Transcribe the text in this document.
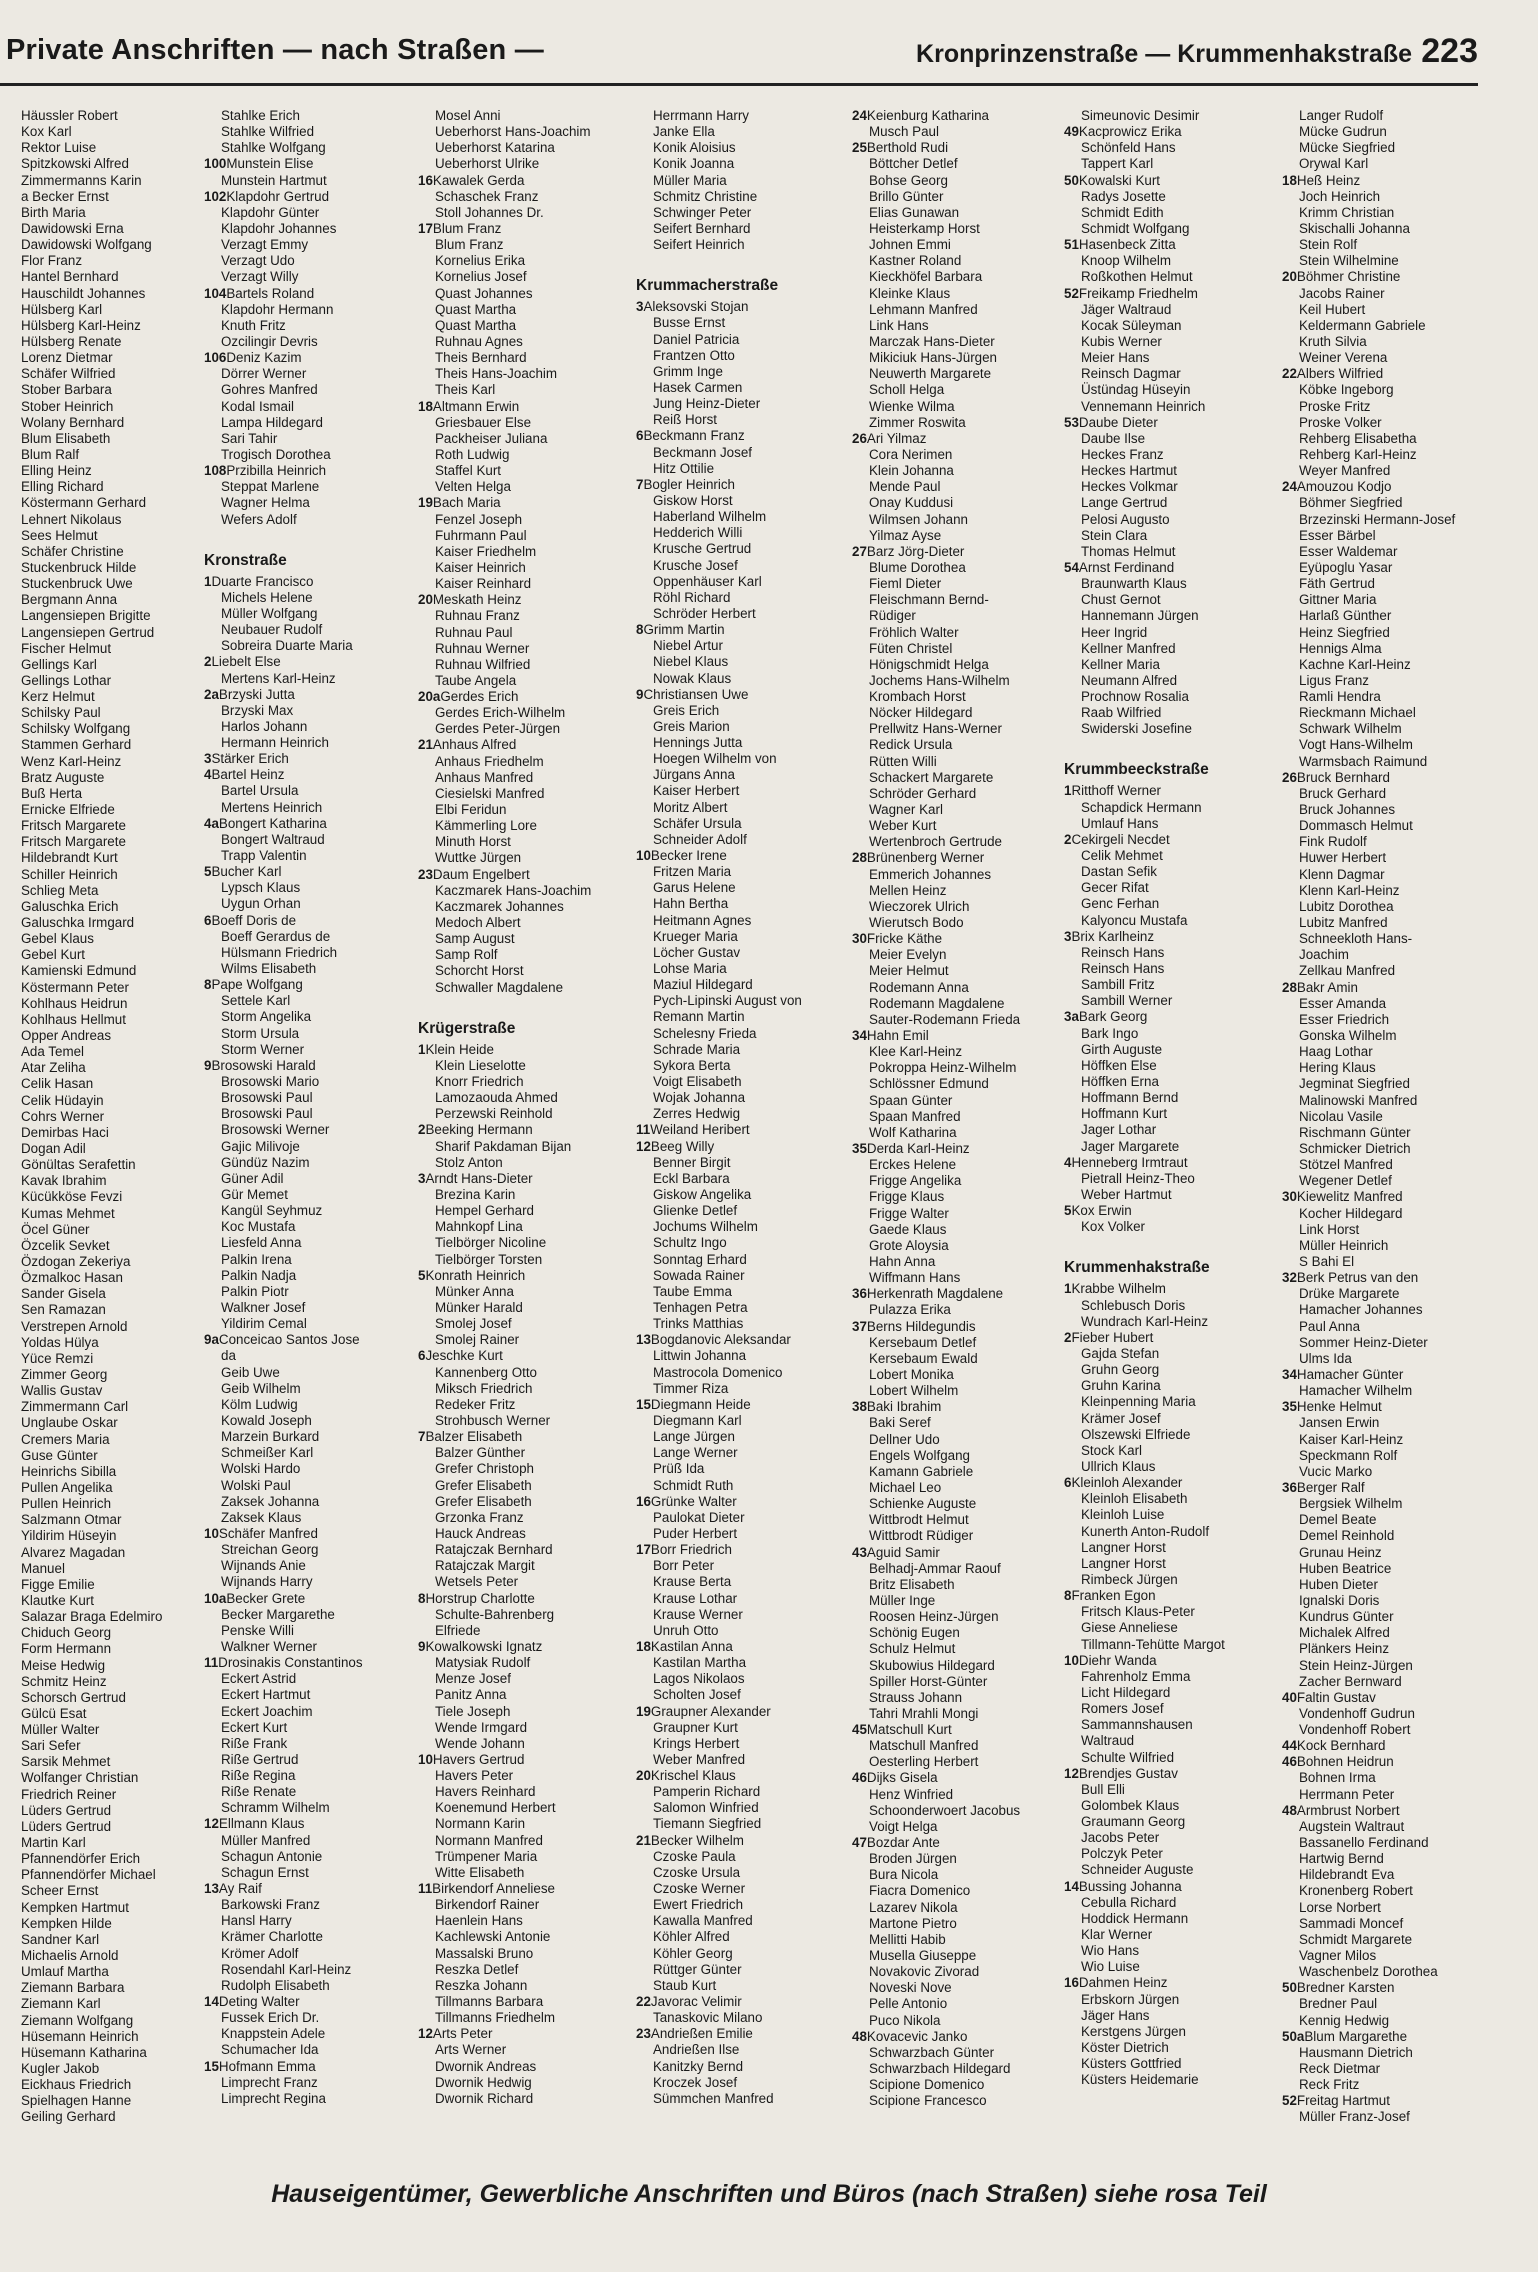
Private Anschriften — nach Straßen —	Kronprinzenstraße — Krummenhakstraße 223
Häussler Robert
Kox Karl
Rektor Luise
Spitzkowski Alfred
Zimmermanns Karin
a Becker Ernst
Birth Maria
Dawidowski Erna
Dawidowski Wolfgang
Flor Franz
Hantel Bernhard
Hauschildt Johannes
Hülsberg Karl
Hülsberg Karl-Heinz
Hülsberg Renate
Lorenz Dietmar
Schäfer Wilfried
Stober Barbara
Stober Heinrich
Wolany Bernhard
Blum Elisabeth
Blum Ralf
Elling Heinz
Elling Richard
Köstermann Gerhard
Lehnert Nikolaus
Sees Helmut
Schäfer Christine
Stuckenbruck Hilde
Stuckenbruck Uwe
Bergmann Anna
Langensiepen Brigitte
Langensiepen Gertrud
Fischer Helmut
Gellings Karl
Gellings Lothar
Kerz Helmut
Schilsky Paul
Schilsky Wolfgang
Stammen Gerhard
Wenz Karl-Heinz
Bratz Auguste
Buß Herta
Ernicke Elfriede
Fritsch Margarete
Fritsch Margarete
Hildebrandt Kurt
Schiller Heinrich
Schlieg Meta
Galuschka Erich
Galuschka Irmgard
Gebel Klaus
Gebel Kurt
Kamienski Edmund
Köstermann Peter
Kohlhaus Heidrun
Kohlhaus Hellmut
Opper Andreas
Ada Temel
Atar Zeliha
Celik Hasan
Celik Hüdayin
Cohrs Werner
Demirbas Haci
Dogan Adil
Gönültas Serafettin
Kavak Ibrahim
Kücükköse Fevzi
Kumas Mehmet
Öcel Güner
Özcelik Sevket
Özdogan Zekeriya
Özmalkoc Hasan
Sander Gisela
Sen Ramazan
Verstrepen Arnold
Yoldas Hülya
Yüce Remzi
Zimmer Georg
Wallis Gustav
Zimmermann Carl
Unglaube Oskar
Cremers Maria
Guse Günter
Heinrichs Sibilla
Pullen Angelika
Pullen Heinrich
Salzmann Otmar
Yildirim Hüseyin
Alvarez Magadan
Manuel
Figge Emilie
Klautke Kurt
Salazar Braga Edelmiro
Chiduch Georg
Form Hermann
Meise Hedwig
Schmitz Heinz
Schorsch Gertrud
Gülcü Esat
Müller Walter
Sari Sefer
Sarsik Mehmet
Wolfanger Christian
Friedrich Reiner
Lüders Gertrud
Lüders Gertrud
Martin Karl
Pfannendörfer Erich
Pfannendörfer Michael
Scheer Ernst
Kempken Hartmut
Kempken Hilde
Sandner Karl
Michaelis Arnold
Umlauf Martha
Ziemann Barbara
Ziemann Karl
Ziemann Wolfgang
Hüsemann Heinrich
Hüsemann Katharina
Kugler Jakob
Eickhaus Friedrich
Spielhagen Hanne
Geiling Gerhard
Stahlke Erich
Stahlke Wilfried
Stahlke Wolfgang
100Munstein Elise
Munstein Hartmut
102Klapdohr Gertrud
Klapdohr Günter
Klapdohr Johannes
Verzagt Emmy
Verzagt Udo
Verzagt Willy
104Bartels Roland
Klapdohr Hermann
Knuth Fritz
Ozcilingir Devris
106Deniz Kazim
Dörrer Werner
Gohres Manfred
Kodal Ismail
Lampa Hildegard
Sari Tahir
Trogisch Dorothea
108Przibilla Heinrich
Steppat Marlene
Wagner Helma
Wefers Adolf
Kronstraße
1Duarte Francisco
Michels Helene
Müller Wolfgang
Neubauer Rudolf
Sobreira Duarte Maria
2Liebelt Else
Mertens Karl-Heinz
2aBrzyski Jutta
Brzyski Max
Harlos Johann
Hermann Heinrich
3Stärker Erich
4Bartel Heinz
Bartel Ursula
Mertens Heinrich
4aBongert Katharina
Bongert Waltraud
Trapp Valentin
5Bucher Karl
Lypsch Klaus
Uygun Orhan
6Boeff Doris de
Boeff Gerardus de
Hülsmann Friedrich
Wilms Elisabeth
8Pape Wolfgang
Settele Karl
Storm Angelika
Storm Ursula
Storm Werner
9Brosowski Harald
Brosowski Mario
Brosowski Paul
Brosowski Paul
Brosowski Werner
Gajic Milivoje
Gündüz Nazim
Güner Adil
Gür Memet
Kangül Seyhmuz
Koc Mustafa
Liesfeld Anna
Palkin Irena
Palkin Nadja
Palkin Piotr
Walkner Josef
Yildirim Cemal
9aConceicao Santos Jose
da
Geib Uwe
Geib Wilhelm
Kölm Ludwig
Kowald Joseph
Marzein Burkard
Schmeißer Karl
Wolski Hardo
Wolski Paul
Zaksek Johanna
Zaksek Klaus
10Schäfer Manfred
Streichan Georg
Wijnands Anie
Wijnands Harry
10aBecker Grete
Becker Margarethe
Penske Willi
Walkner Werner
11Drosinakis Constantinos
Eckert Astrid
Eckert Hartmut
Eckert Joachim
Eckert Kurt
Riße Frank
Riße Gertrud
Riße Regina
Riße Renate
Schramm Wilhelm
12Ellmann Klaus
Müller Manfred
Schagun Antonie
Schagun Ernst
13Ay Raif
Barkowski Franz
Hansl Harry
Krämer Charlotte
Krömer Adolf
Rosendahl Karl-Heinz
Rudolph Elisabeth
14Deting Walter
Fussek Erich Dr.
Knappstein Adele
Schumacher Ida
15Hofmann Emma
Limprecht Franz
Limprecht Regina
Mosel Anni
Ueberhorst Hans-Joachim
Ueberhorst Katarina
Ueberhorst Ulrike
16Kawalek Gerda
Schaschek Franz
Stoll Johannes Dr.
17Blum Franz
Blum Franz
Kornelius Erika
Kornelius Josef
Quast Johannes
Quast Martha
Quast Martha
Ruhnau Agnes
Theis Bernhard
Theis Hans-Joachim
Theis Karl
18Altmann Erwin
Griesbauer Else
Packheiser Juliana
Roth Ludwig
Staffel Kurt
Velten Helga
19Bach Maria
Fenzel Joseph
Fuhrmann Paul
Kaiser Friedhelm
Kaiser Heinrich
Kaiser Reinhard
20Meskath Heinz
Ruhnau Franz
Ruhnau Paul
Ruhnau Werner
Ruhnau Wilfried
Taube Angela
20aGerdes Erich
Gerdes Erich-Wilhelm
Gerdes Peter-Jürgen
21Anhaus Alfred
Anhaus Friedhelm
Anhaus Manfred
Ciesielski Manfred
Elbi Feridun
Kämmerling Lore
Minuth Horst
Wuttke Jürgen
23Daum Engelbert
Kaczmarek Hans-Joachim
Kaczmarek Johannes
Medoch Albert
Samp August
Samp Rolf
Schorcht Horst
Schwaller Magdalene
Krügerstraße
1Klein Heide
Klein Lieselotte
Knorr Friedrich
Lamozaouda Ahmed
Perzewski Reinhold
2Beeking Hermann
Sharif Pakdaman Bijan
Stolz Anton
3Arndt Hans-Dieter
Brezina Karin
Hempel Gerhard
Mahnkopf Lina
Tielbörger Nicoline
Tielbörger Torsten
5Konrath Heinrich
Münker Anna
Münker Harald
Smolej Josef
Smolej Rainer
6Jeschke Kurt
Kannenberg Otto
Miksch Friedrich
Redeker Fritz
Strohbusch Werner
7Balzer Elisabeth
Balzer Günther
Grefer Christoph
Grefer Elisabeth
Grefer Elisabeth
Grzonka Franz
Hauck Andreas
Ratajczak Bernhard
Ratajczak Margit
Wetsels Peter
8Horstrup Charlotte
Schulte-Bahrenberg
Elfriede
9Kowalkowski Ignatz
Matysiak Rudolf
Menze Josef
Panitz Anna
Tiele Joseph
Wende Irmgard
Wende Johann
10Havers Gertrud
Havers Peter
Havers Reinhard
Koenemund Herbert
Normann Karin
Normann Manfred
Trümpener Maria
Witte Elisabeth
11Birkendorf Anneliese
Birkendorf Rainer
Haenlein Hans
Kachlewski Antonie
Massalski Bruno
Reszka Detlef
Reszka Johann
Tillmanns Barbara
Tillmanns Friedhelm
12Arts Peter
Arts Werner
Dwornik Andreas
Dwornik Hedwig
Dwornik Richard
Herrmann Harry
Janke Ella
Konik Aloisius
Konik Joanna
Müller Maria
Schmitz Christine
Schwinger Peter
Seifert Bernhard
Seifert Heinrich
Krummacherstraße
3Aleksovski Stojan
Busse Ernst
Daniel Patricia
Frantzen Otto
Grimm Inge
Hasek Carmen
Jung Heinz-Dieter
Reiß Horst
6Beckmann Franz
Beckmann Josef
Hitz Ottilie
7Bogler Heinrich
Giskow Horst
Haberland Wilhelm
Hedderich Willi
Krusche Gertrud
Krusche Josef
Oppenhäuser Karl
Röhl Richard
Schröder Herbert
8Grimm Martin
Niebel Artur
Niebel Klaus
Nowak Klaus
9Christiansen Uwe
Greis Erich
Greis Marion
Hennings Jutta
Hoegen Wilhelm von
Jürgans Anna
Kaiser Herbert
Moritz Albert
Schäfer Ursula
Schneider Adolf
10Becker Irene
Fritzen Maria
Garus Helene
Hahn Bertha
Heitmann Agnes
Krueger Maria
Löcher Gustav
Lohse Maria
Maziul Hildegard
Pych-Lipinski August von
Remann Martin
Schelesny Frieda
Schrade Maria
Sykora Berta
Voigt Elisabeth
Wojak Johanna
Zerres Hedwig
11Weiland Heribert
12Beeg Willy
Benner Birgit
Eckl Barbara
Giskow Angelika
Glienke Detlef
Jochums Wilhelm
Schultz Ingo
Sonntag Erhard
Sowada Rainer
Taube Emma
Tenhagen Petra
Trinks Matthias
13Bogdanovic Aleksandar
Littwin Johanna
Mastrocola Domenico
Timmer Riza
15Diegmann Heide
Diegmann Karl
Lange Jürgen
Lange Werner
Prüß Ida
Schmidt Ruth
16Grünke Walter
Paulokat Dieter
Puder Herbert
17Borr Friedrich
Borr Peter
Krause Berta
Krause Lothar
Krause Werner
Unruh Otto
18Kastilan Anna
Kastilan Martha
Lagos Nikolaos
Scholten Josef
19Graupner Alexander
Graupner Kurt
Krings Herbert
Weber Manfred
20Krischel Klaus
Pamperin Richard
Salomon Winfried
Tiemann Siegfried
21Becker Wilhelm
Czoske Paula
Czoske Ursula
Czoske Werner
Ewert Friedrich
Kawalla Manfred
Köhler Alfred
Köhler Georg
Rüttger Günter
Staub Kurt
22Javorac Velimir
Tanaskovic Milano
23Andrießen Emilie
Andrießen Ilse
Kanitzky Bernd
Kroczek Josef
Sümmchen Manfred
24Keienburg Katharina
Musch Paul
25Berthold Rudi
Böttcher Detlef
Bohse Georg
Brillo Günter
Elias Gunawan
Heisterkamp Horst
Johnen Emmi
Kastner Roland
Kieckhöfel Barbara
Kleinke Klaus
Lehmann Manfred
Link Hans
Marczak Hans-Dieter
Mikiciuk Hans-Jürgen
Neuwerth Margarete
Scholl Helga
Wienke Wilma
Zimmer Roswita
26Ari Yilmaz
Cora Nerimen
Klein Johanna
Mende Paul
Onay Kuddusi
Wilmsen Johann
Yilmaz Ayse
27Barz Jörg-Dieter
Blume Dorothea
Fieml Dieter
Fleischmann Bernd-
Rüdiger
Fröhlich Walter
Füten Christel
Hönigschmidt Helga
Jochems Hans-Wilhelm
Krombach Horst
Nöcker Hildegard
Prellwitz Hans-Werner
Redick Ursula
Rütten Willi
Schackert Margarete
Schröder Gerhard
Wagner Karl
Weber Kurt
Wertenbroch Gertrude
28Brünenberg Werner
Emmerich Johannes
Mellen Heinz
Wieczorek Ulrich
Wierutsch Bodo
30Fricke Käthe
Meier Evelyn
Meier Helmut
Rodemann Anna
Rodemann Magdalene
Sauter-Rodemann Frieda
34Hahn Emil
Klee Karl-Heinz
Pokroppa Heinz-Wilhelm
Schlössner Edmund
Spaan Günter
Spaan Manfred
Wolf Katharina
35Derda Karl-Heinz
Erckes Helene
Frigge Angelika
Frigge Klaus
Frigge Walter
Gaede Klaus
Grote Aloysia
Hahn Anna
Wiffmann Hans
36Herkenrath Magdalene
Pulazza Erika
37Berns Hildegundis
Kersebaum Detlef
Kersebaum Ewald
Lobert Monika
Lobert Wilhelm
38Baki Ibrahim
Baki Seref
Dellner Udo
Engels Wolfgang
Kamann Gabriele
Michael Leo
Schienke Auguste
Wittbrodt Helmut
Wittbrodt Rüdiger
43Aguid Samir
Belhadj-Ammar Raouf
Britz Elisabeth
Müller Inge
Roosen Heinz-Jürgen
Schönig Eugen
Schulz Helmut
Skubowius Hildegard
Spiller Horst-Günter
Strauss Johann
Tahri Mrahli Mongi
45Matschull Kurt
Matschull Manfred
Oesterling Herbert
46Dijks Gisela
Henz Winfried
Schoonderwoert Jacobus
Voigt Helga
47Bozdar Ante
Broden Jürgen
Bura Nicola
Fiacra Domenico
Lazarev Nikola
Martone Pietro
Mellitti Habib
Musella Giuseppe
Novakovic Zivorad
Noveski Nove
Pelle Antonio
Puco Nikola
48Kovacevic Janko
Schwarzbach Günter
Schwarzbach Hildegard
Scipione Domenico
Scipione Francesco
Simeunovic Desimir
49Kacprowicz Erika
Schönfeld Hans
Tappert Karl
50Kowalski Kurt
Radys Josette
Schmidt Edith
Schmidt Wolfgang
51Hasenbeck Zitta
Knoop Wilhelm
Roßkothen Helmut
52Freikamp Friedhelm
Jäger Waltraud
Kocak Süleyman
Kubis Werner
Meier Hans
Reinsch Dagmar
Üstündag Hüseyin
Vennemann Heinrich
53Daube Dieter
Daube Ilse
Heckes Franz
Heckes Hartmut
Heckes Volkmar
Lange Gertrud
Pelosi Augusto
Stein Clara
Thomas Helmut
54Arnst Ferdinand
Braunwarth Klaus
Chust Gernot
Hannemann Jürgen
Heer Ingrid
Kellner Manfred
Kellner Maria
Neumann Alfred
Prochnow Rosalia
Raab Wilfried
Swiderski Josefine
Krummbeeckstraße
1Ritthoff Werner
Schapdick Hermann
Umlauf Hans
2Cekirgeli Necdet
Celik Mehmet
Dastan Sefik
Gecer Rifat
Genc Ferhan
Kalyoncu Mustafa
3Brix Karlheinz
Reinsch Hans
Reinsch Hans
Sambill Fritz
Sambill Werner
3aBark Georg
Bark Ingo
Girth Auguste
Höffken Else
Höffken Erna
Hoffmann Bernd
Hoffmann Kurt
Jager Lothar
Jager Margarete
4Henneberg Irmtraut
Pietrall Heinz-Theo
Weber Hartmut
5Kox Erwin
Kox Volker
Krummenhakstraße
1Krabbe Wilhelm
Schlebusch Doris
Wundrach Karl-Heinz
2Fieber Hubert
Gajda Stefan
Gruhn Georg
Gruhn Karina
Kleinpenning Maria
Krämer Josef
Olszewski Elfriede
Stock Karl
Ullrich Klaus
6Kleinloh Alexander
Kleinloh Elisabeth
Kleinloh Luise
Kunerth Anton-Rudolf
Langner Horst
Langner Horst
Rimbeck Jürgen
8Franken Egon
Fritsch Klaus-Peter
Giese Anneliese
Tillmann-Tehütte Margot
10Diehr Wanda
Fahrenholz Emma
Licht Hildegard
Romers Josef
Sammannshausen
Waltraud
Schulte Wilfried
12Brendjes Gustav
Bull Elli
Golombek Klaus
Graumann Georg
Jacobs Peter
Polczyk Peter
Schneider Auguste
14Bussing Johanna
Cebulla Richard
Hoddick Hermann
Klar Werner
Wio Hans
Wio Luise
16Dahmen Heinz
Erbskorn Jürgen
Jäger Hans
Kerstgens Jürgen
Köster Dietrich
Küsters Gottfried
Küsters Heidemarie
Langer Rudolf
Mücke Gudrun
Mücke Siegfried
Orywal Karl
18Heß Heinz
Joch Heinrich
Krimm Christian
Skischalli Johanna
Stein Rolf
Stein Wilhelmine
20Böhmer Christine
Jacobs Rainer
Keil Hubert
Keldermann Gabriele
Kruth Silvia
Weiner Verena
22Albers Wilfried
Köbke Ingeborg
Proske Fritz
Proske Volker
Rehberg Elisabetha
Rehberg Karl-Heinz
Weyer Manfred
24Amouzou Kodjo
Böhmer Siegfried
Brzezinski Hermann-Josef
Esser Bärbel
Esser Waldemar
Eyüpoglu Yasar
Fäth Gertrud
Gittner Maria
Harlaß Günther
Heinz Siegfried
Hennigs Alma
Kachne Karl-Heinz
Ligus Franz
Ramli Hendra
Rieckmann Michael
Schwark Wilhelm
Vogt Hans-Wilhelm
Warmsbach Raimund
26Bruck Bernhard
Bruck Gerhard
Bruck Johannes
Dommasch Helmut
Fink Rudolf
Huwer Herbert
Klenn Dagmar
Klenn Karl-Heinz
Lubitz Dorothea
Lubitz Manfred
Schneekloth Hans-
Joachim
Zellkau Manfred
28Bakr Amin
Esser Amanda
Esser Friedrich
Gonska Wilhelm
Haag Lothar
Hering Klaus
Jegminat Siegfried
Malinowski Manfred
Nicolau Vasile
Rischmann Günter
Schmicker Dietrich
Stötzel Manfred
Wegener Detlef
30Kiewelitz Manfred
Kocher Hildegard
Link Horst
Müller Heinrich
S Bahi El
32Berk Petrus van den
Drüke Margarete
Hamacher Johannes
Paul Anna
Sommer Heinz-Dieter
Ulms Ida
34Hamacher Günter
Hamacher Wilhelm
35Henke Helmut
Jansen Erwin
Kaiser Karl-Heinz
Speckmann Rolf
Vucic Marko
36Berger Ralf
Bergsiek Wilhelm
Demel Beate
Demel Reinhold
Grunau Heinz
Huben Beatrice
Huben Dieter
Ignalski Doris
Kundrus Günter
Michalek Alfred
Plänkers Heinz
Stein Heinz-Jürgen
Zacher Bernward
40Faltin Gustav
Vondenhoff Gudrun
Vondenhoff Robert
44Kock Bernhard
46Bohnen Heidrun
Bohnen Irma
Herrmann Peter
48Armbrust Norbert
Augstein Waltraut
Bassanello Ferdinand
Hartwig Bernd
Hildebrandt Eva
Kronenberg Robert
Lorse Norbert
Sammadi Moncef
Schmidt Margarete
Vagner Milos
Waschenbelz Dorothea
50Bredner Karsten
Bredner Paul
Kennig Hedwig
50aBlum Margarethe
Hausmann Dietrich
Reck Dietmar
Reck Fritz
52Freitag Hartmut
Müller Franz-Josef
Hauseigentümer, Gewerbliche Anschriften und Büros (nach Straßen) siehe rosa Teil
